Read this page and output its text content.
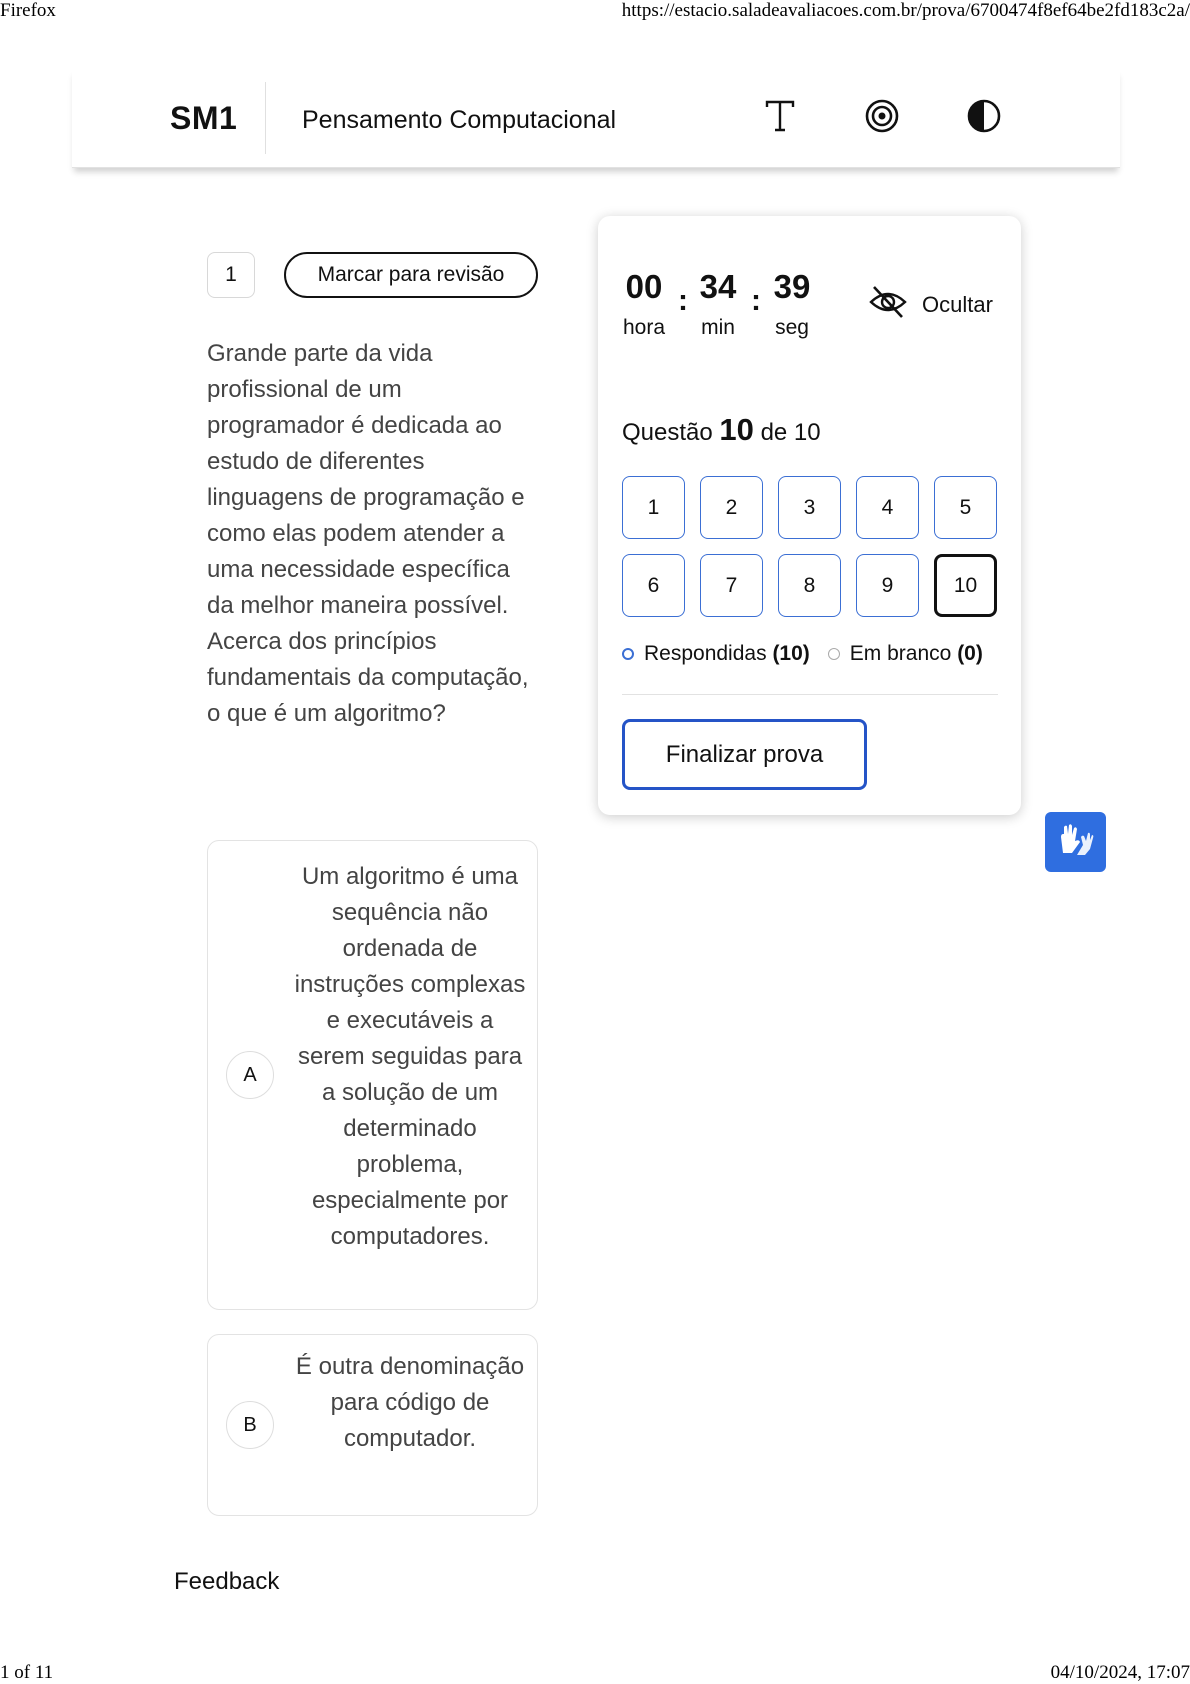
Firefox	https://estacio.saladeavaliacoes.com.br/prova/6700474f8ef64be2fd183c2a/
SM1	Pensamento Computacional
1	Marcar para revisão
Grande parte da vida profissional de um programador é dedicada ao estudo de diferentes linguagens de programação e como elas podem atender a uma necessidade específica da melhor maneira possível. Acerca dos princípios fundamentais da computação, o que é um algoritmo?
A
Um algoritmo é uma sequência não ordenada de instruções complexas e executáveis a serem seguidas para a solução de um determinado problema, especialmente por computadores.
B
É outra denominação para código de computador.
Feedback
00
hora
: 34
min
: 39
seg
Ocultar
Questão 10 de 10
1	2	3	4	5
6	7	8	9	10
Respondidas
(10) Em branco
(0)
Finalizar prova
1 of 11	04/10/2024, 17:07
